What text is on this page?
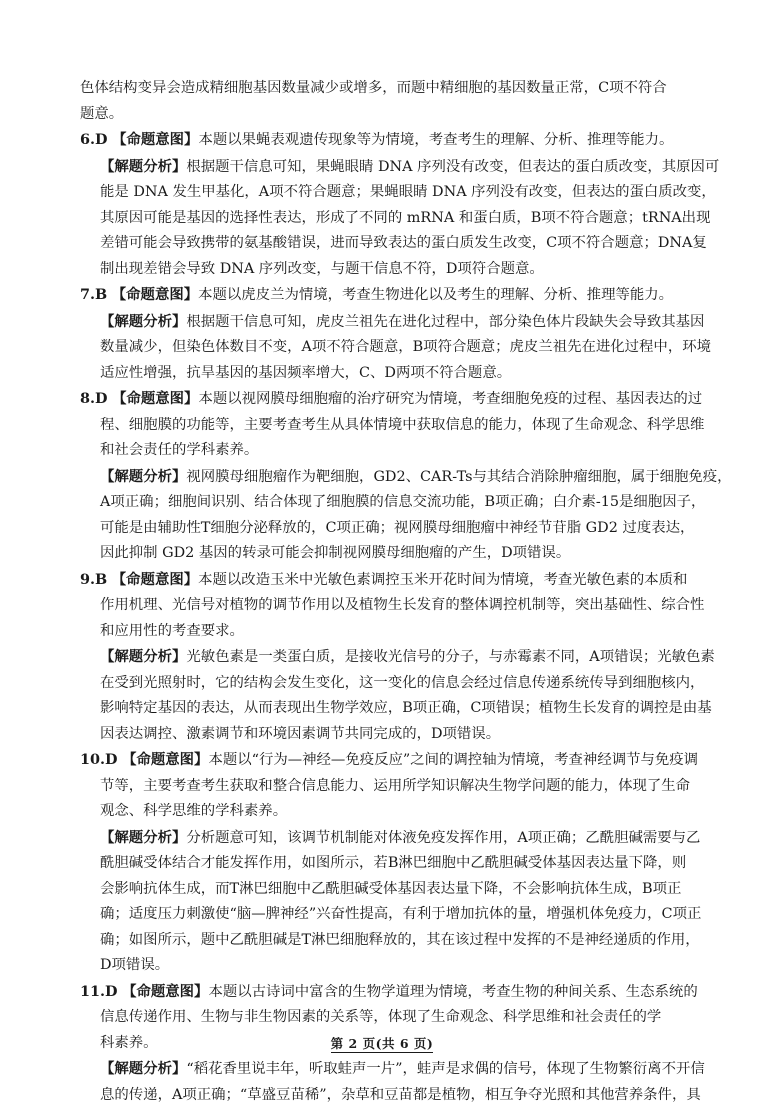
色体结构变异会造成精细胞基因数量减少或增多，而题中精细胞的基因数量正常，C项不符合
题意。
6.D 【命题意图】本题以果蝇表观遗传现象等为情境，考查考生的理解、分析、推理等能力。
【解题分析】根据题干信息可知，果蝇眼睛 DNA 序列没有改变，但表达的蛋白质改变，其原因可
能是 DNA 发生甲基化，A项不符合题意；果蝇眼睛 DNA 序列没有改变，但表达的蛋白质改变，
其原因可能是基因的选择性表达，形成了不同的 mRNA 和蛋白质，B项不符合题意；tRNA出现
差错可能会导致携带的氨基酸错误，进而导致表达的蛋白质发生改变，C项不符合题意；DNA复
制出现差错会导致 DNA 序列改变，与题干信息不符，D项符合题意。
7.B 【命题意图】本题以虎皮兰为情境，考查生物进化以及考生的理解、分析、推理等能力。
【解题分析】根据题干信息可知，虎皮兰祖先在进化过程中，部分染色体片段缺失会导致其基因
数量减少，但染色体数目不变，A项不符合题意，B项符合题意；虎皮兰祖先在进化过程中，环境
适应性增强，抗旱基因的基因频率增大，C、D两项不符合题意。
8.D 【命题意图】本题以视网膜母细胞瘤的治疗研究为情境，考查细胞免疫的过程、基因表达的过
程、细胞膜的功能等，主要考查考生从具体情境中获取信息的能力，体现了生命观念、科学思维
和社会责任的学科素养。
【解题分析】视网膜母细胞瘤作为靶细胞，GD2、CAR-Ts与其结合消除肿瘤细胞，属于细胞免疫，
A项正确；细胞间识别、结合体现了细胞膜的信息交流功能，B项正确；白介素-15是细胞因子，
可能是由辅助性T细胞分泌释放的，C项正确；视网膜母细胞瘤中神经节苷脂 GD2 过度表达，
因此抑制 GD2 基因的转录可能会抑制视网膜母细胞瘤的产生，D项错误。
9.B 【命题意图】本题以改造玉米中光敏色素调控玉米开花时间为情境，考查光敏色素的本质和
作用机理、光信号对植物的调节作用以及植物生长发育的整体调控机制等，突出基础性、综合性
和应用性的考查要求。
【解题分析】光敏色素是一类蛋白质，是接收光信号的分子，与赤霉素不同，A项错误；光敏色素
在受到光照射时，它的结构会发生变化，这一变化的信息会经过信息传递系统传导到细胞核内，
影响特定基因的表达，从而表现出生物学效应，B项正确，C项错误；植物生长发育的调控是由基
因表达调控、激素调节和环境因素调节共同完成的，D项错误。
10.D 【命题意图】本题以“行为—神经—免疫反应”之间的调控轴为情境，考查神经调节与免疫调
节等，主要考查考生获取和整合信息能力、运用所学知识解决生物学问题的能力，体现了生命
观念、科学思维的学科素养。
【解题分析】分析题意可知，该调节机制能对体液免疫发挥作用，A项正确；乙酰胆碱需要与乙
酰胆碱受体结合才能发挥作用，如图所示，若B淋巴细胞中乙酰胆碱受体基因表达量下降，则
会影响抗体生成，而T淋巴细胞中乙酰胆碱受体基因表达量下降，不会影响抗体生成，B项正
确；适度压力刺激使“脑—脾神经”兴奋性提高，有利于增加抗体的量，增强机体免疫力，C项正
确；如图所示，题中乙酰胆碱是T淋巴细胞释放的，其在该过程中发挥的不是神经递质的作用，
D项错误。
11.D 【命题意图】本题以古诗词中富含的生物学道理为情境，考查生物的种间关系、生态系统的
信息传递作用、生物与非生物因素的关系等，体现了生命观念、科学思维和社会责任的学
科素养。
【解题分析】“稻花香里说丰年，听取蛙声一片”，蛙声是求偶的信号，体现了生物繁衍离不开信
息的传递，A项正确；“草盛豆苗稀”，杂草和豆苗都是植物，相互争夺光照和其他营养条件，具
第 2 页(共 6 页)
